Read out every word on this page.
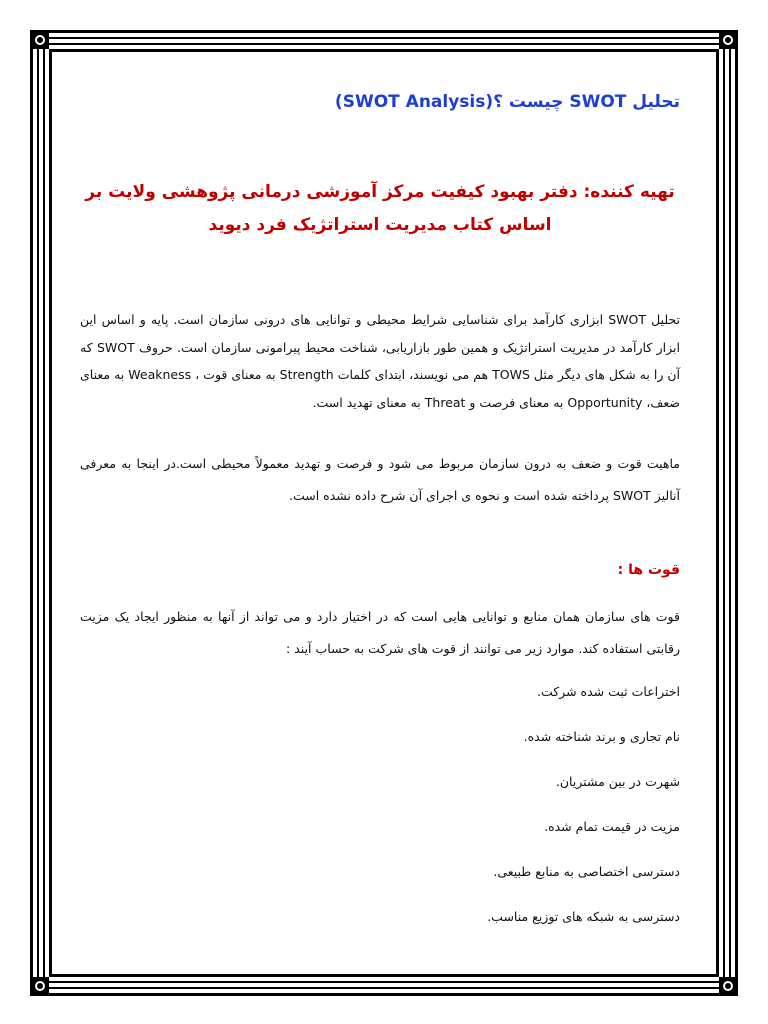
تحلیل SWOT چیست ؟(SWOT Analysis)

تهیه کننده: دفتر بهبود کیفیت مرکز آموزشی درمانی پژوهشی ولایت بر اساس کتاب مدیریت استراتژیک فرد دیوید

تحلیل SWOT ابزاری کارآمد برای شناسایی شرایط محیطی و توانایی های درونی سازمان است. پایه و اساس این ابزار کارآمد در مدیریت استراتژیک و همین طور بازاریابی، شناخت محیط پیرامونی سازمان است. حروف SWOT که آن را به شکل های دیگر مثل TOWS هم می نویسند، ابتدای کلمات Strength به معنای قوت ، Weakness به معنای ضعف، Opportunity به معنای فرصت و Threat به معنای تهدید است.

ماهیت قوت و ضعف به درون سازمان مربوط می شود و فرصت و تهدید معمولاً محیطی است.در اینجا به معرفی آنالیز SWOT پرداخته شده است و نحوه ی اجرای آن شرح داده نشده است.

قوت ها :

قوت های سازمان همان منابع و توانایی هایی است که در اختیار دارد و می تواند از آنها به منظور ایجاد یک مزیت رقابتی استفاده کند. موارد زیر می توانند از قوت های شرکت به حساب آیند :

اختراعات ثبت شده شرکت.
نام تجاری و برند شناخته شده.
شهرت در بین مشتریان.
مزیت در قیمت تمام شده.
دسترسی اختصاصی به منابع طبیعی.
دسترسی به شبکه های توزیع مناسب.
